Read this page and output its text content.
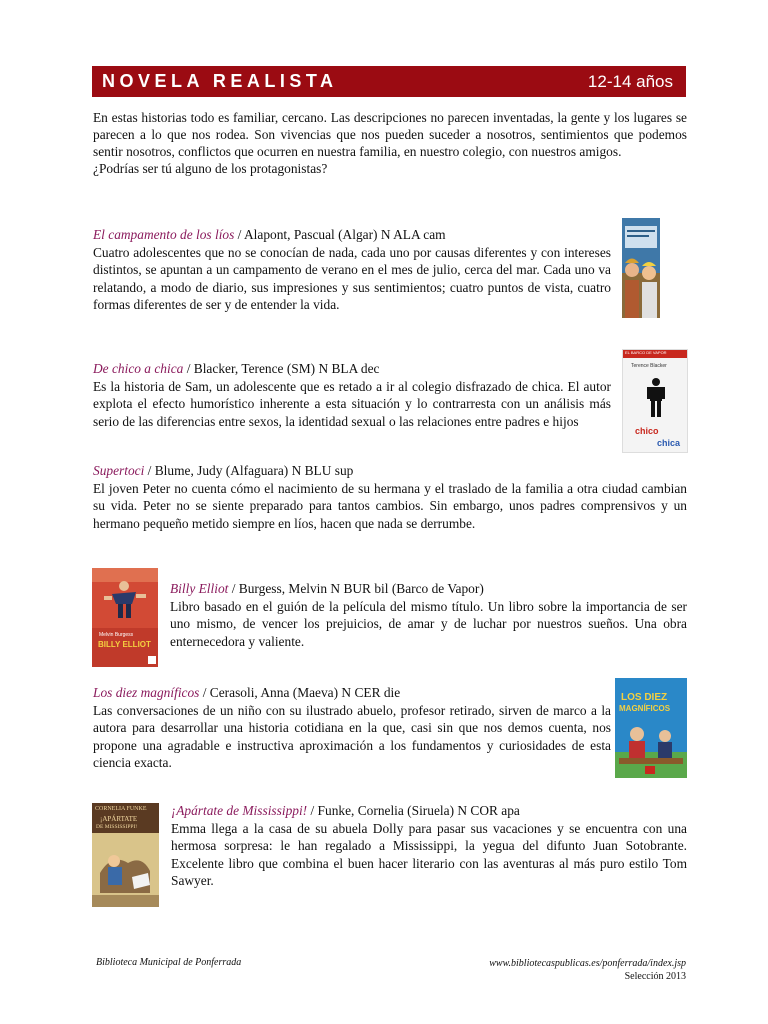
NOVELA REALISTA	12-14 años

En estas historias todo es familiar, cercano. Las descripciones no parecen inventadas, la gente y los lugares se parecen a lo que nos rodea. Son vivencias que nos pueden suceder a nosotros, sentimientos que podemos sentir nosotros, conflictos que ocurren en nuestra familia, en nuestro colegio, con nuestros amigos.

¿Podrías ser tú alguno de los protagonistas?

El campamento de los líos / Alapont, Pascual (Algar) N ALA cam

Cuatro adolescentes que no se conocían de nada, cada uno por causas diferentes y con intereses distintos, se apuntan a un campamento de verano en el mes de julio, cerca del mar. Cada uno va relatando, a modo de diario, sus impresiones y sus sentimientos; cuatro puntos de vista, cuatro formas diferentes de ser y de entender la vida.

De chico a chica / Blacker, Terence (SM) N BLA dec

Es la historia de Sam, un adolescente que es retado a ir al colegio disfrazado de chica. El autor explota el efecto humorístico inherente a esta situación y lo contrarresta con un análisis más serio de las diferencias entre sexos, la identidad sexual o las relaciones entre padres e hijos

EL BARCO DE VAPOR
Terence Blacker
chico
chica

Supertoci / Blume, Judy (Alfaguara) N BLU sup

El joven Peter no cuenta cómo el nacimiento de su hermana y el traslado de la familia a otra ciudad cambian su vida. Peter no se siente preparado para tantos cambios. Sin embargo, unos padres comprensivos y un hermano pequeño metido siempre en líos, hacen que nada se derrumbe.

Melvin Burgess
BILLY ELLIOT

Billy Elliot / Burgess, Melvin N BUR bil (Barco de Vapor)

Libro basado en el guión de la película del mismo título. Un libro sobre la importancia de ser uno mismo, de vencer los prejuicios, de amar y de luchar por nuestros sueños. Una obra enternecedora y valiente.

Los diez magníficos / Cerasoli, Anna (Maeva) N CER die

Las conversaciones de un niño con su ilustrado abuelo, profesor retirado, sirven de marco a la autora para desarrollar una historia cotidiana en la que, casi sin que nos demos cuenta, nos propone una agradable e instructiva aproximación a los fundamentos y curiosidades de esta ciencia exacta.

LOS DIEZ
MAGNÍFICOS
CORNELIA FUNKE
¡APÁRTATE
DE MISSISSIPPI!

¡Apártate de Mississippi! / Funke, Cornelia (Siruela) N COR apa

Emma llega a la casa de su abuela Dolly para pasar sus vacaciones y se encuentra con una hermosa sorpresa: le han regalado a Mississippi, la yegua del difunto Juan Sotobrante. Excelente libro que combina el buen hacer literario con las aventuras al más puro estilo Tom Sawyer.

Biblioteca Municipal de Ponferrada	www.bibliotecaspublicas.es/ponferrada/index.jsp
Selección 2013
